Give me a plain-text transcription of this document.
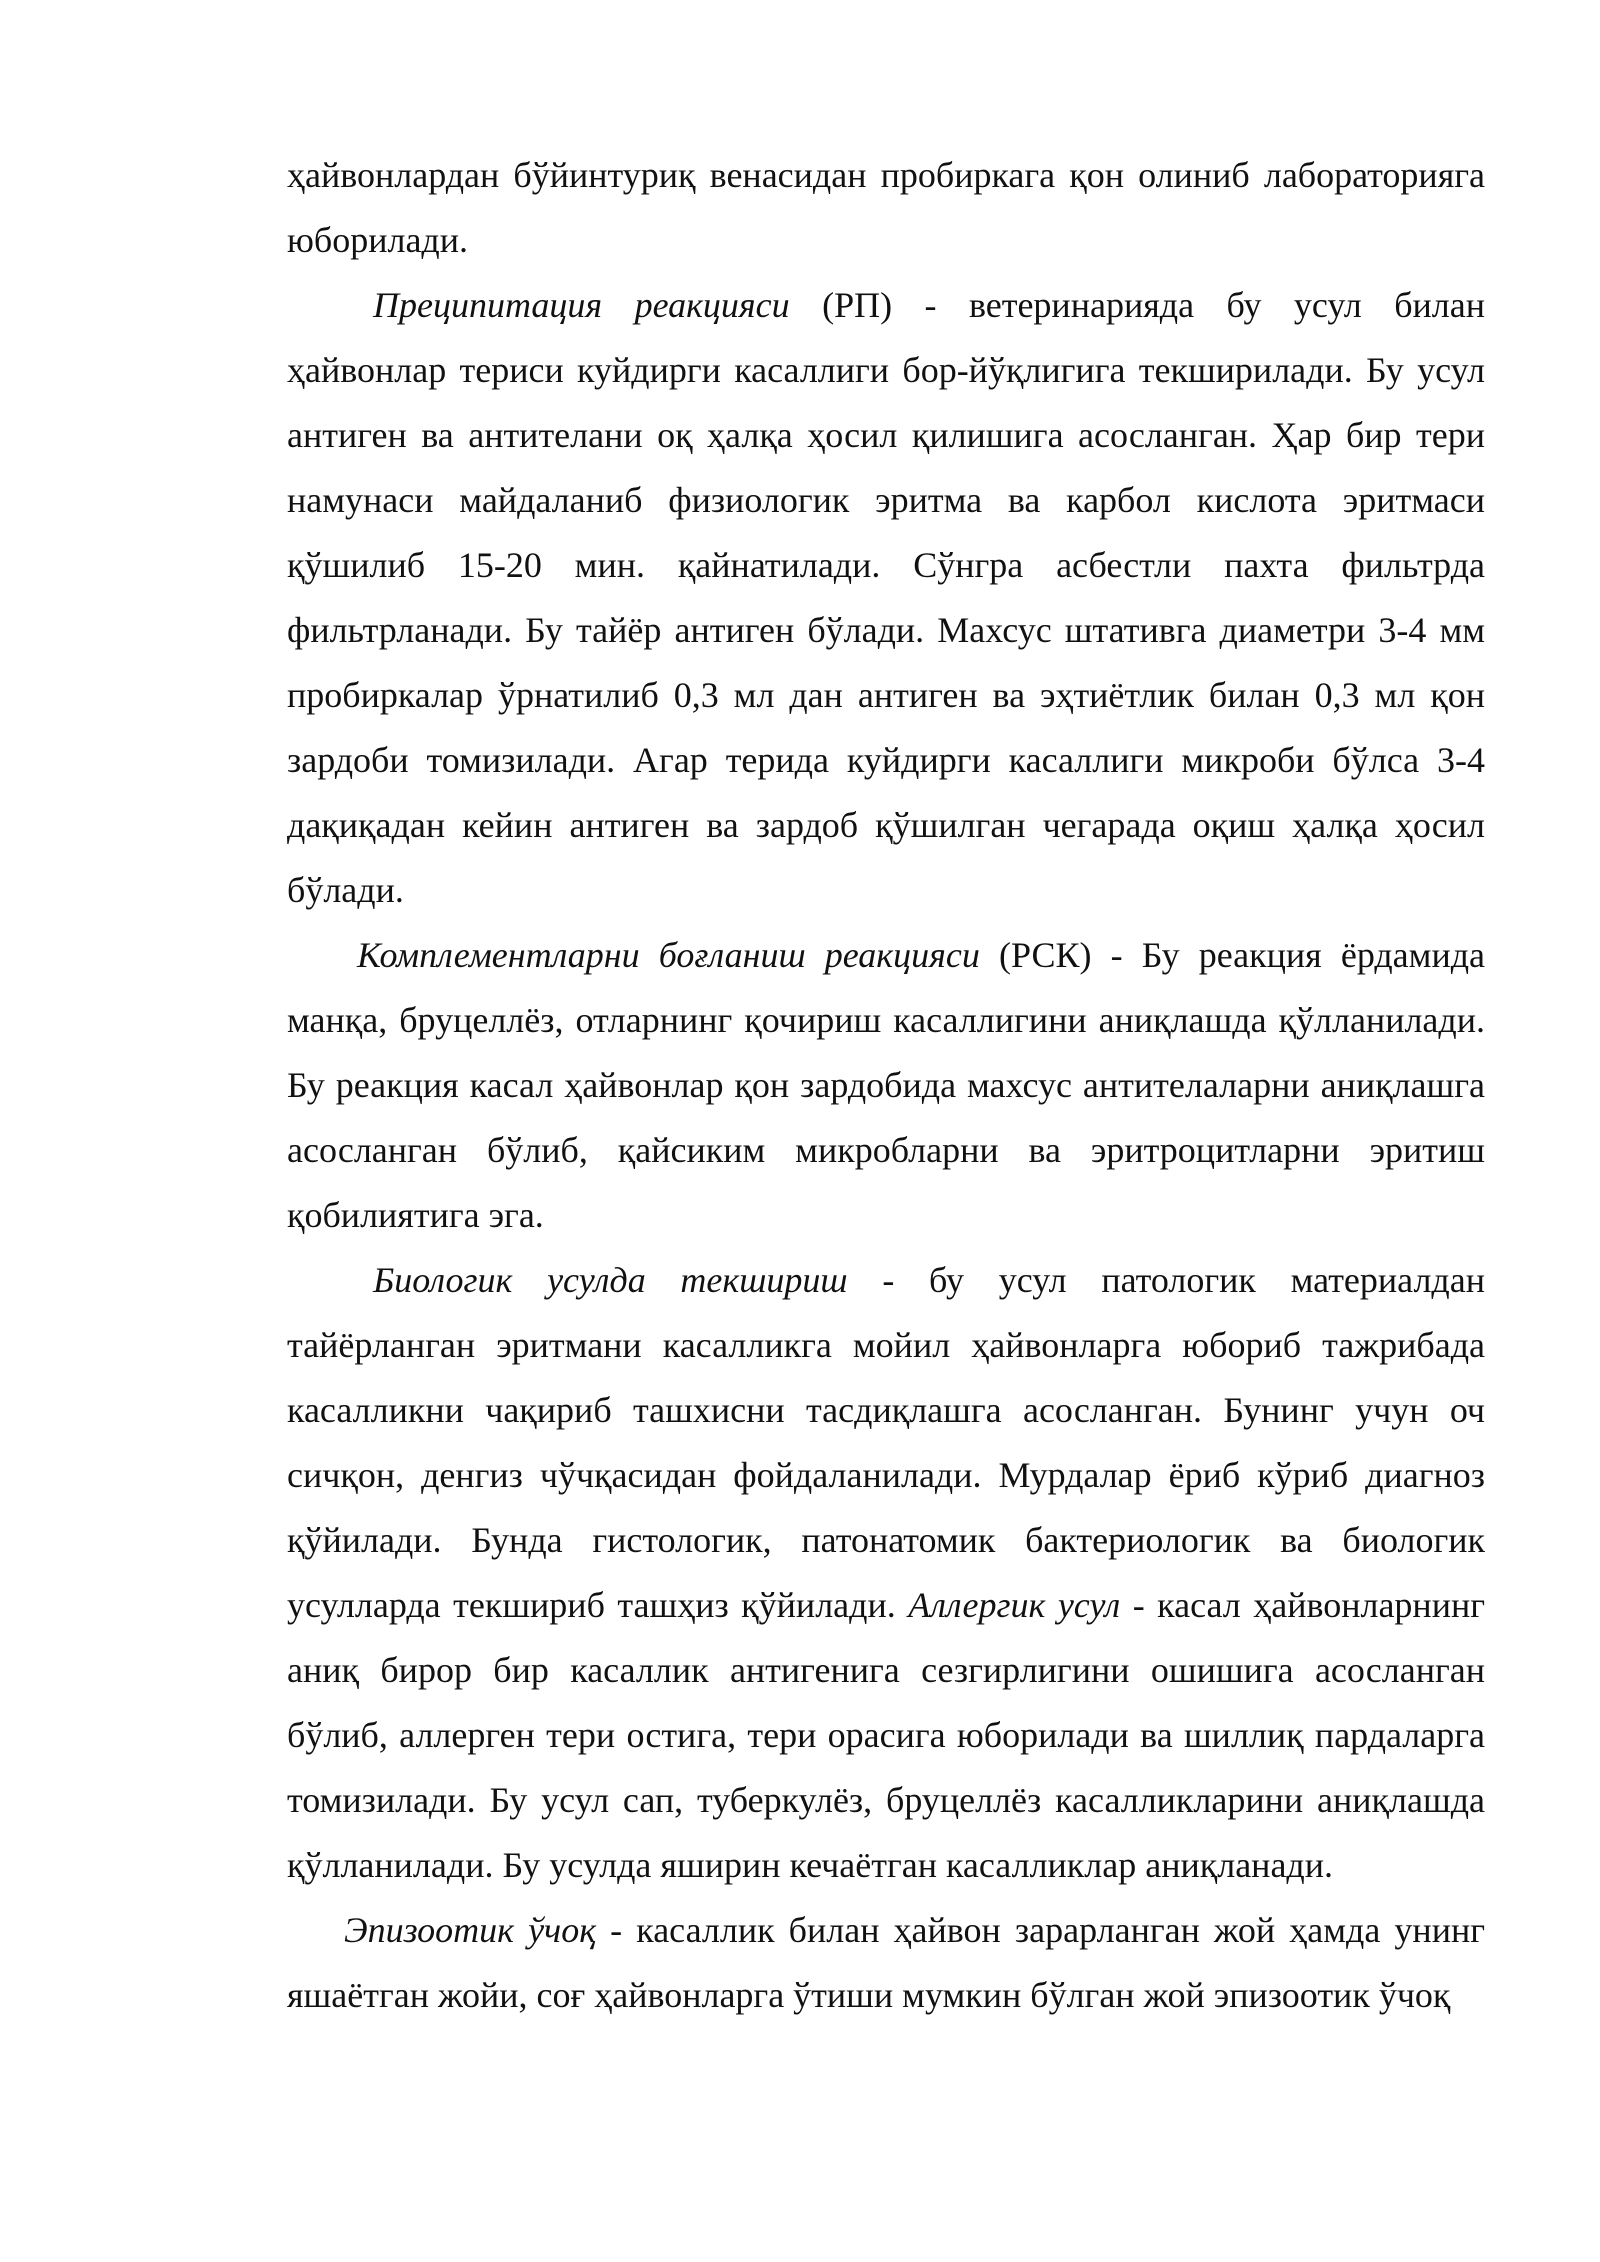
ҳайвонлардан бўйинтуриқ венасидан пробиркага қон олиниб лабораторияга юборилади.

Преципитация реакцияси (РП) - ветеринарияда бу усул билан ҳайвонлар териси куйдирги касаллиги бор-йўқлигига текширилади. Бу усул антиген ва антителани оқ ҳалқа ҳосил қилишига асосланган. Ҳар бир тери намунаси майдаланиб физиологик эритма ва карбол кислота эритмаси қўшилиб 15-20 мин. қайнатилади. Сўнгра асбестли пахта фильтрда фильтрланади. Бу тайёр антиген бўлади. Махсус штативга диаметри 3-4 мм пробиркалар ўрнатилиб 0,3 мл дан антиген ва эҳтиётлик билан 0,3 мл қон зардоби томизилади. Агар терида куйдирги касаллиги микроби бўлса 3-4 дақиқадан кейин антиген ва зардоб қўшилган чегарада оқиш ҳалқа ҳосил бўлади.

Комплементларни боғланиш реакцияси (РСК) - Бу реакция ёрдамида манқа, бруцеллёз, отларнинг қочириш касаллигини аниқлашда қўлланилади. Бу реакция касал ҳайвонлар қон зардобида махсус антителаларни аниқлашга асосланган бўлиб, қайсиким микробларни ва эритроцитларни эритиш қобилиятига эга.

Биологик усулда текшириш - бу усул патологик материалдан тайёрланган эритмани касалликга мойил ҳайвонларга юбориб тажрибада касалликни чақириб ташхисни тасдиқлашга асосланган. Бунинг учун оч сичқон, денгиз чўчқасидан фойдаланилади. Мурдалар ёриб кўриб диагноз қўйилади. Бунда гистологик, патонатомик бактериологик ва биологик усулларда текшириб ташҳиз қўйилади. Аллергик усул - касал ҳайвонларнинг аниқ бирор бир касаллик антигенига сезгирлигини ошишига асосланган бўлиб, аллерген тери остига, тери орасига юборилади ва шиллиқ пардаларга томизилади. Бу усул сап, туберкулёз, бруцеллёз касалликларини аниқлашда қўлланилади. Бу усулда яширин кечаётган касалликлар аниқланади.

Эпизоотик ўчоқ - касаллик билан ҳайвон зарарланган жой ҳамда унинг яшаётган жойи, соғ ҳайвонларга ўтиши мумкин бўлган жой эпизоотик ўчоқ
